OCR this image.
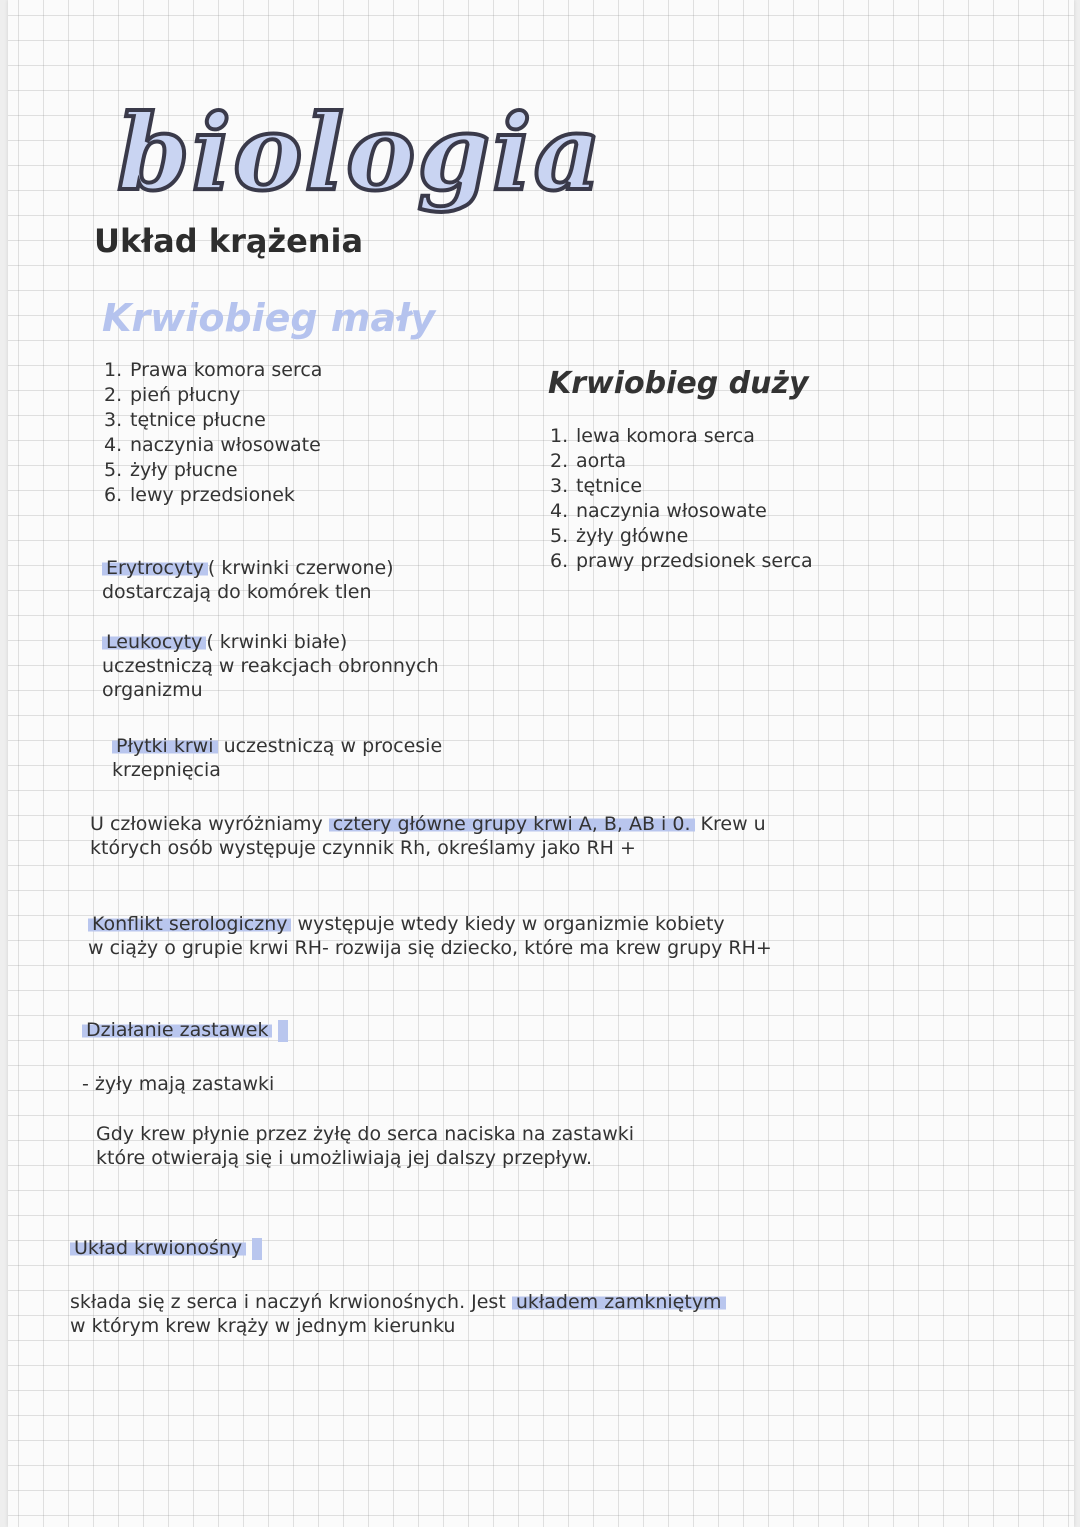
biologia
Układ krążenia
Krwiobieg mały
1. Prawa komora serca
2. pień płucny
3. tętnice płucne
4. naczynia włosowate
5. żyły płucne
6. lewy przedsionek
Krwiobieg duży
1. lewa komora serca
2. aorta
3. tętnice
4. naczynia włosowate
5. żyły główne
6. prawy przedsionek serca
Erytrocyty ( krwinki czerwone)
dostarczają do komórek tlen
Leukocyty ( krwinki białe)
uczestniczą w reakcjach obronnych
organizmu
Płytki krwi uczestniczą w procesie
krzepnięcia
U człowieka wyróżniamy cztery główne grupy krwi A, B, AB i 0. Krew u
których osób występuje czynnik Rh, określamy jako RH +
Konflikt serologiczny występuje wtedy kiedy w organizmie kobiety
w ciąży o grupie krwi RH- rozwija się dziecko, które ma krew grupy RH+
Działanie zastawek
- żyły mają zastawki
Gdy krew płynie przez żyłę do serca naciska na zastawki
które otwierają się i umożliwiają jej dalszy przepływ.
Układ krwionośny
składa się z serca i naczyń krwionośnych. Jest układem zamkniętym
w którym krew krąży w jednym kierunku
